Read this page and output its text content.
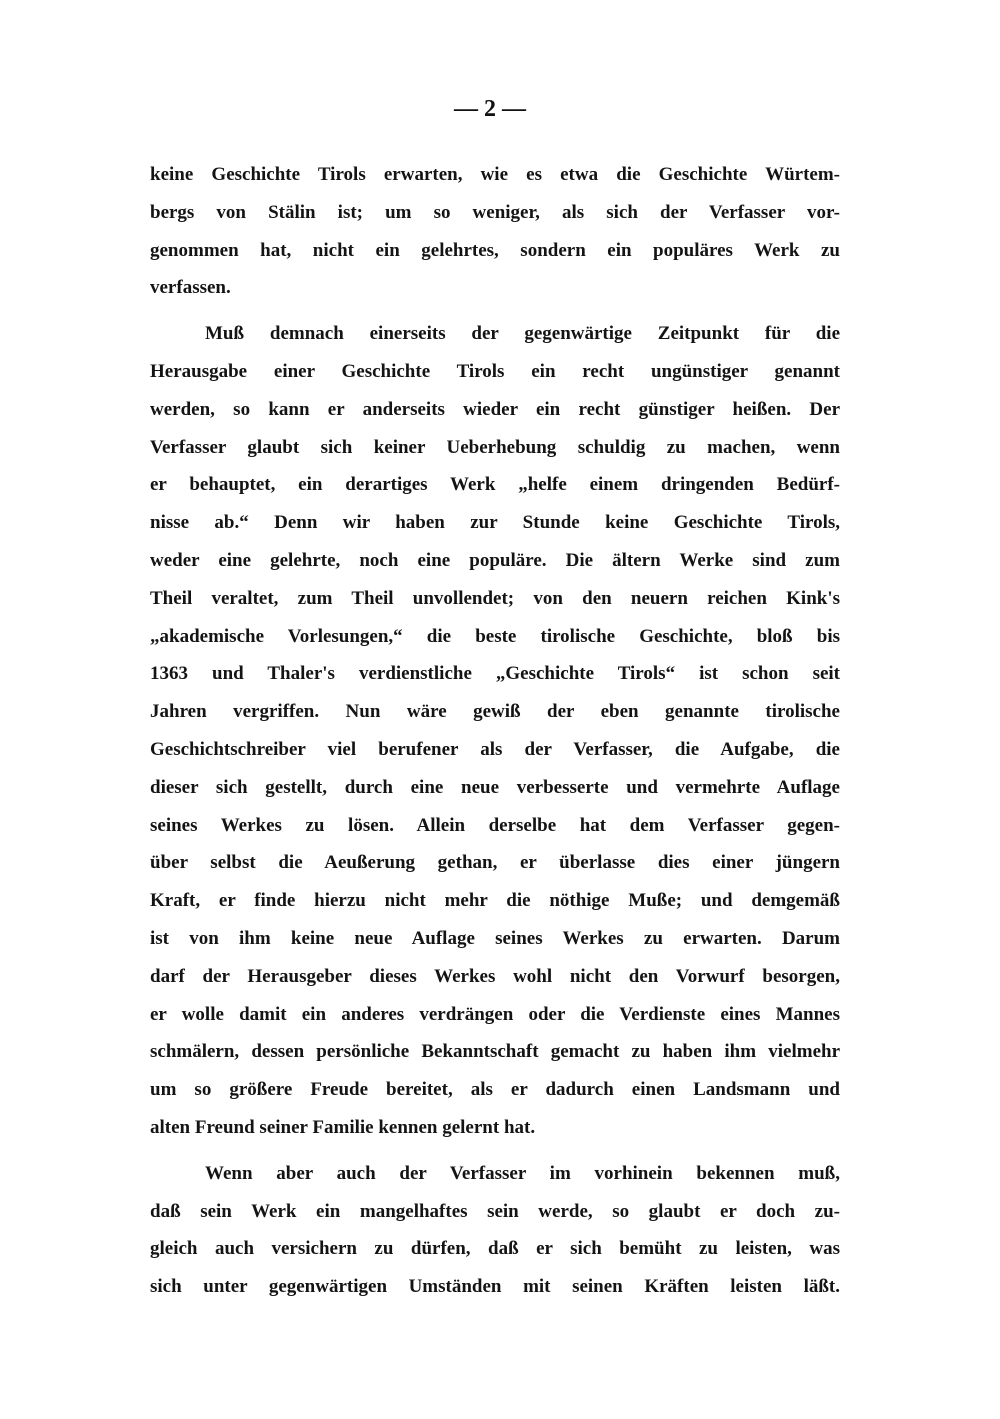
— 2 —
keine Geschichte Tirols erwarten, wie es etwa die Geschichte Würtem-
bergs von Stälin ist; um so weniger, als sich der Verfasser vor-
genommen hat, nicht ein gelehrtes, sondern ein populäres Werk zu
verfassen.
Muß demnach einerseits der gegenwärtige Zeitpunkt für die
Herausgabe einer Geschichte Tirols ein recht ungünstiger genannt
werden, so kann er anderseits wieder ein recht günstiger heißen. Der
Verfasser glaubt sich keiner Ueberhebung schuldig zu machen, wenn
er behauptet, ein derartiges Werk „helfe einem dringenden Bedürf-
nisse ab.“ Denn wir haben zur Stunde keine Geschichte Tirols,
weder eine gelehrte, noch eine populäre. Die ältern Werke sind zum
Theil veraltet, zum Theil unvollendet; von den neuern reichen Kink's
„akademische Vorlesungen,“ die beste tirolische Geschichte, bloß bis
1363 und Thaler's verdienstliche „Geschichte Tirols“ ist schon seit
Jahren vergriffen. Nun wäre gewiß der eben genannte tirolische
Geschichtschreiber viel berufener als der Verfasser, die Aufgabe, die
dieser sich gestellt, durch eine neue verbesserte und vermehrte Auflage
seines Werkes zu lösen. Allein derselbe hat dem Verfasser gegen-
über selbst die Aeußerung gethan, er überlasse dies einer jüngern
Kraft, er finde hierzu nicht mehr die nöthige Muße; und demgemäß
ist von ihm keine neue Auflage seines Werkes zu erwarten. Darum
darf der Herausgeber dieses Werkes wohl nicht den Vorwurf besorgen,
er wolle damit ein anderes verdrängen oder die Verdienste eines Mannes
schmälern, dessen persönliche Bekanntschaft gemacht zu haben ihm vielmehr
um so größere Freude bereitet, als er dadurch einen Landsmann und
alten Freund seiner Familie kennen gelernt hat.
Wenn aber auch der Verfasser im vorhinein bekennen muß,
daß sein Werk ein mangelhaftes sein werde, so glaubt er doch zu-
gleich auch versichern zu dürfen, daß er sich bemüht zu leisten, was
sich unter gegenwärtigen Umständen mit seinen Kräften leisten läßt.
